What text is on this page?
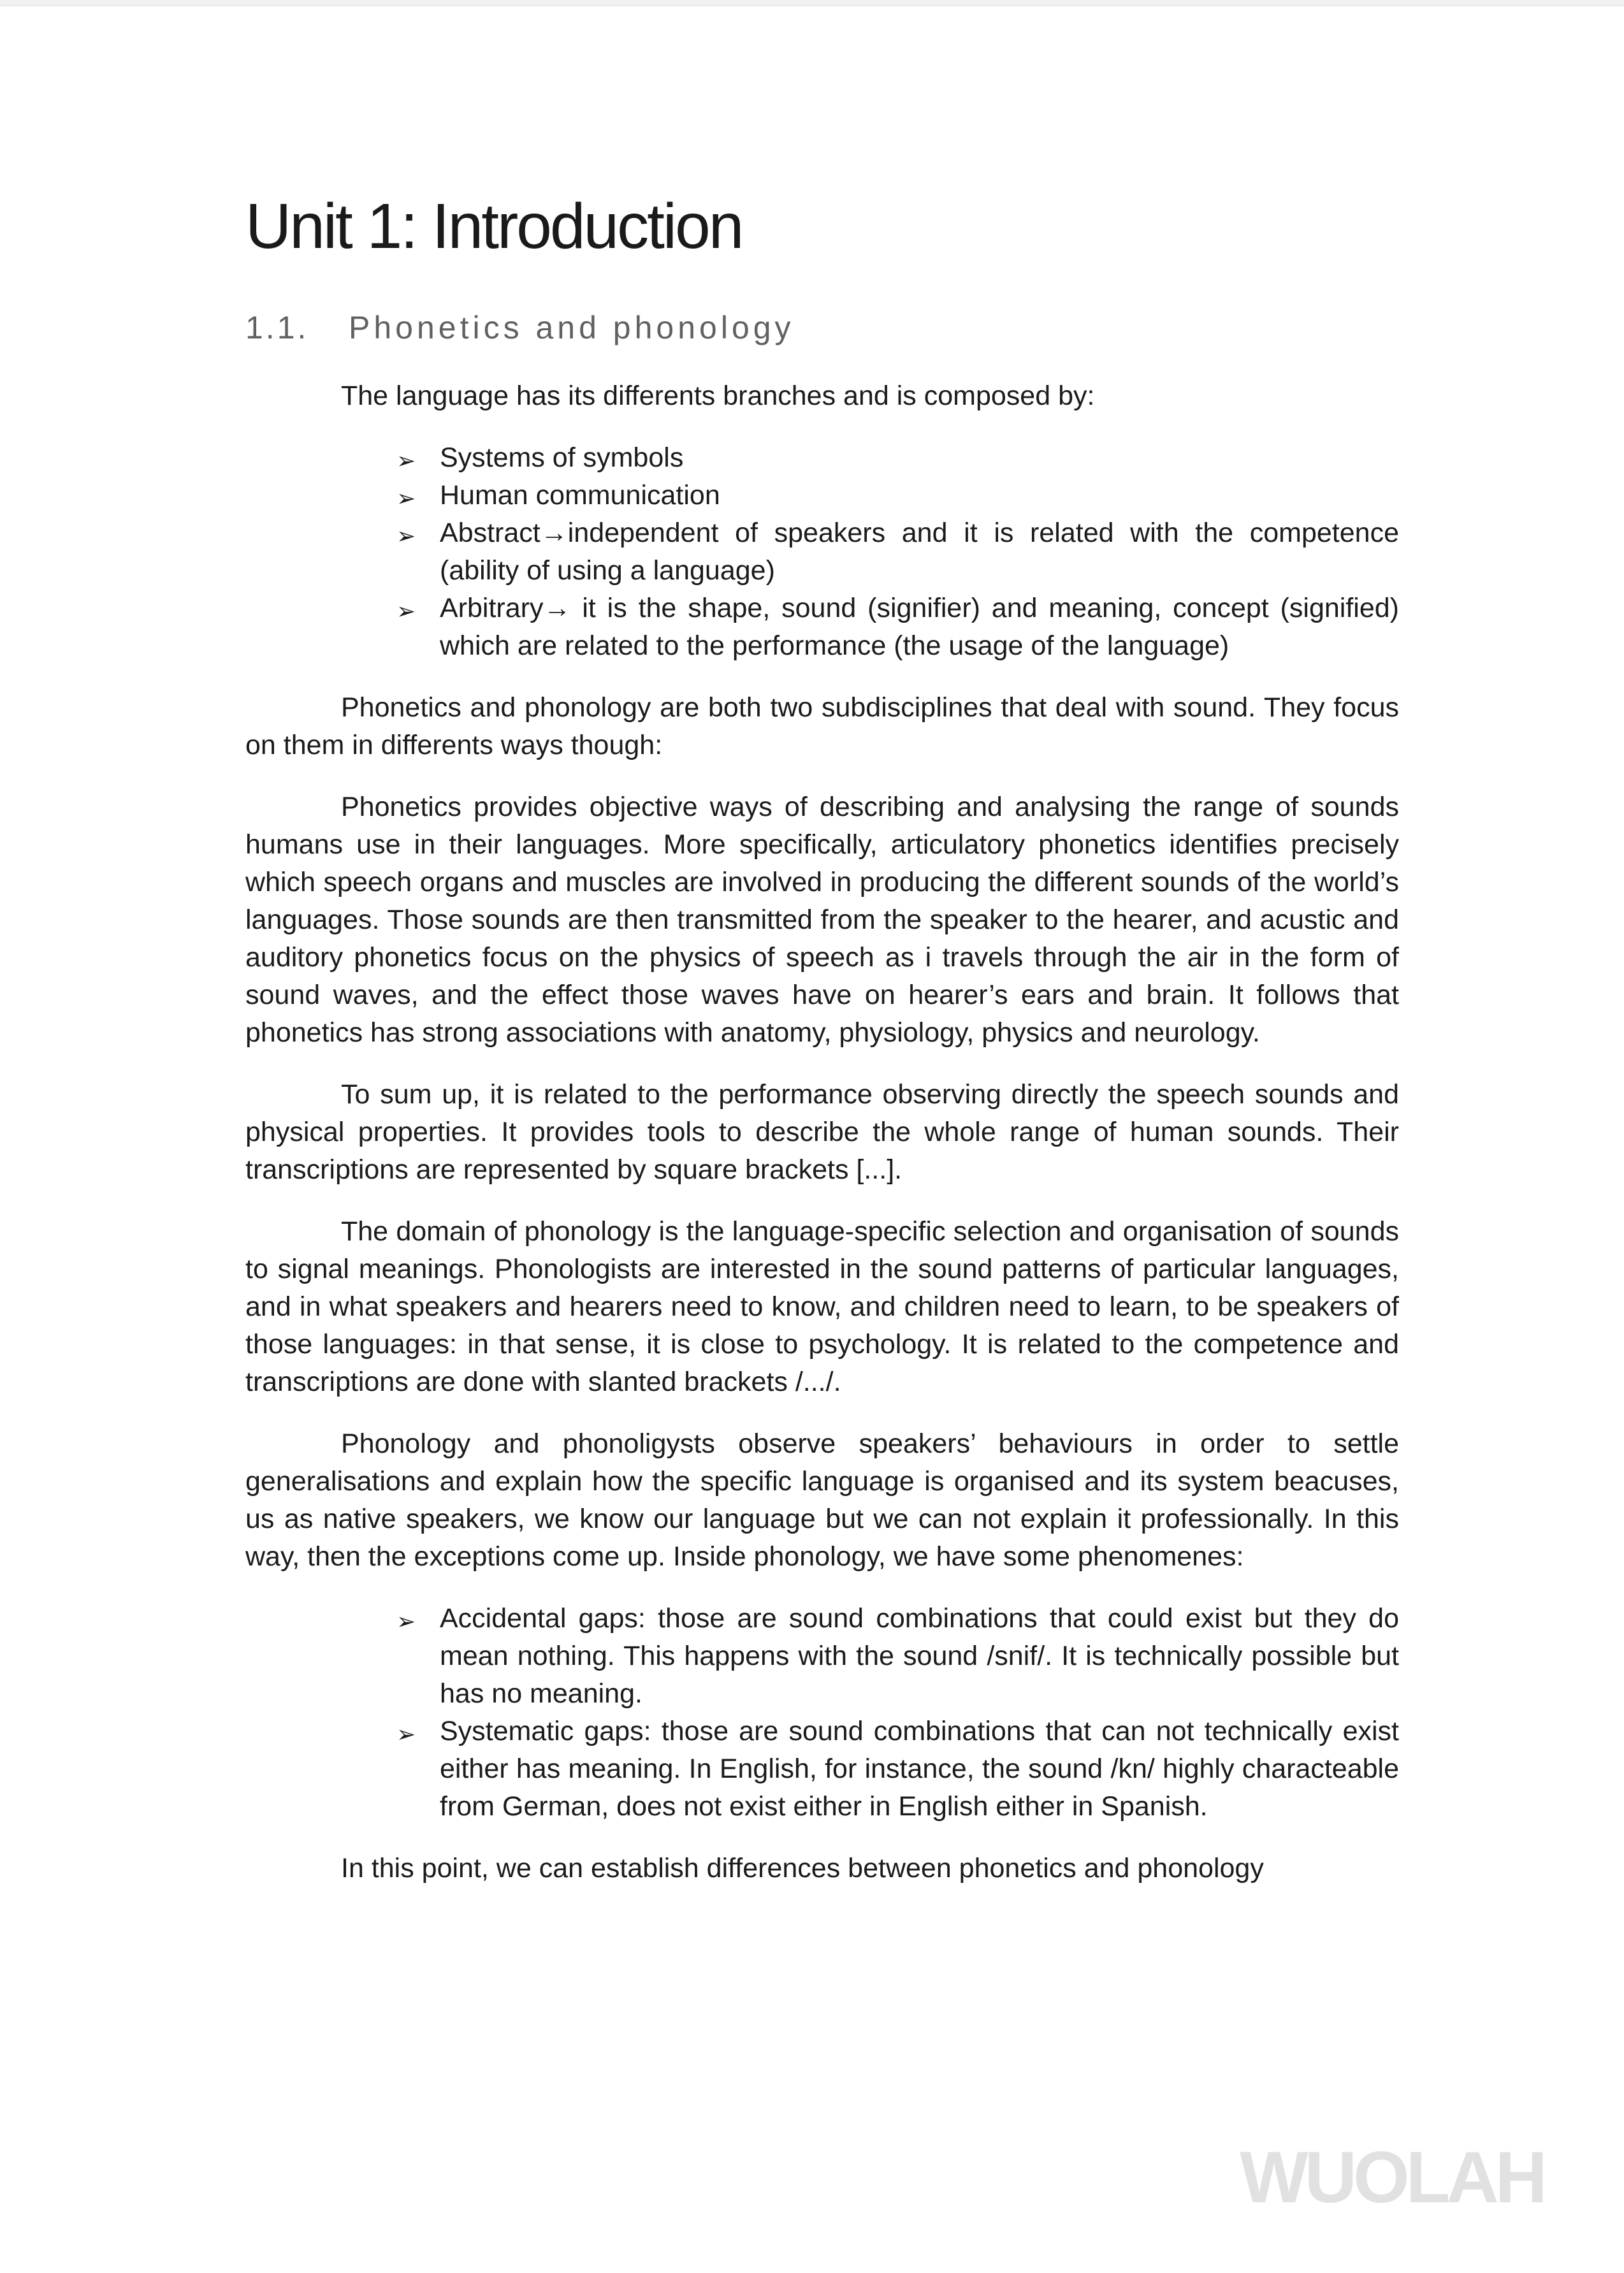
Unit 1: Introduction
1.1.	Phonetics and phonology

The language has its differents branches and is composed by:

➢ Systems of symbols
➢ Human communication
➢ Abstract→independent of speakers and it is related with the competence (ability of using a language)
➢ Arbitrary→ it is the shape, sound (signifier) and meaning, concept (signified) which are related to the performance (the usage of the language)

Phonetics and phonology are both two subdisciplines that deal with sound. They focus on them in differents ways though:

Phonetics provides objective ways of describing and analysing the range of sounds humans use in their languages. More specifically, articulatory phonetics identifies precisely which speech organs and muscles are involved in producing the different sounds of the world’s languages. Those sounds are then transmitted from the speaker to the hearer, and acustic and auditory phonetics focus on the physics of speech as i travels through the air in the form of sound waves, and the effect those waves have on hearer’s ears and brain. It follows that phonetics has strong associations with anatomy, physiology, physics and neurology.

To sum up, it is related to the performance observing directly the speech sounds and physical properties. It provides tools to describe the whole range of human sounds. Their transcriptions are represented by square brackets [...].

The domain of phonology is the language-specific selection and organisation of sounds to signal meanings. Phonologists are interested in the sound patterns of particular languages, and in what speakers and hearers need to know, and children need to learn, to be speakers of those languages: in that sense, it is close to psychology. It is related to the competence and transcriptions are done with slanted brackets /.../.

Phonology and phonoligysts observe speakers’ behaviours in order to settle generalisations and explain how the specific language is organised and its system beacuses, us as native speakers, we know our language but we can not explain it professionally. In this way, then the exceptions come up. Inside phonology, we have some phenomenes:

➢ Accidental gaps: those are sound combinations that could exist but they do mean nothing. This happens with the sound /snif/. It is technically possible but has no meaning.
➢ Systematic gaps: those are sound combinations that can not technically exist either has meaning. In English, for instance, the sound /kn/ highly characteable from German, does not exist either in English either in Spanish.

In this point, we can establish differences between phonetics and phonology

WUOLAH
